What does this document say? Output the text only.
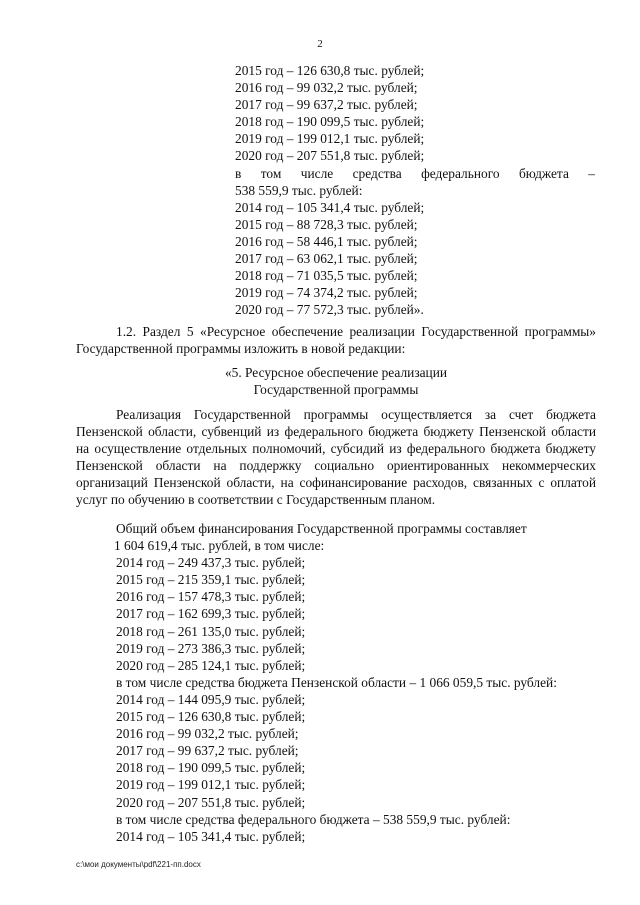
2
2015 год – 126 630,8 тыс. рублей;
2016 год – 99 032,2 тыс. рублей;
2017 год – 99 637,2 тыс. рублей;
2018 год – 190 099,5 тыс. рублей;
2019 год – 199 012,1 тыс. рублей;
2020 год – 207 551,8 тыс. рублей;
в том числе средства федерального бюджета –
538 559,9 тыс. рублей:
2014 год – 105 341,4 тыс. рублей;
2015 год – 88 728,3 тыс. рублей;
2016 год – 58 446,1 тыс. рублей;
2017 год – 63 062,1 тыс. рублей;
2018 год – 71 035,5 тыс. рублей;
2019 год – 74 374,2 тыс. рублей;
2020 год – 77 572,3 тыс. рублей».
1.2. Раздел 5 «Ресурсное обеспечение реализации Государственной программы» Государственной программы изложить в новой редакции:
«5. Ресурсное обеспечение реализации
Государственной программы
Реализация Государственной программы осуществляется за счет бюджета Пензенской области, субвенций из федерального бюджета бюджету Пензенской области на осуществление отдельных полномочий, субсидий из федерального бюджета бюджету Пензенской области на поддержку социально ориентированных некоммерческих организаций Пензенской области, на софинансирование расходов, связанных с оплатой услуг по обучению в соответствии с Государственным планом.
Общий объем финансирования Государственной программы составляет
1 604 619,4 тыс. рублей, в том числе:
2014 год – 249 437,3 тыс. рублей;
2015 год – 215 359,1 тыс. рублей;
2016 год – 157 478,3 тыс. рублей;
2017 год – 162 699,3 тыс. рублей;
2018 год – 261 135,0 тыс. рублей;
2019 год – 273 386,3 тыс. рублей;
2020 год – 285 124,1 тыс. рублей;
в том числе средства бюджета Пензенской области – 1 066 059,5 тыс. рублей:
2014 год – 144 095,9 тыс. рублей;
2015 год – 126 630,8 тыс. рублей;
2016 год – 99 032,2 тыс. рублей;
2017 год – 99 637,2 тыс. рублей;
2018 год – 190 099,5 тыс. рублей;
2019 год – 199 012,1 тыс. рублей;
2020 год – 207 551,8 тыс. рублей;
в том числе средства федерального бюджета – 538 559,9 тыс. рублей:
2014 год – 105 341,4 тыс. рублей;
c:\мои документы\pdf\221-пп.docx
